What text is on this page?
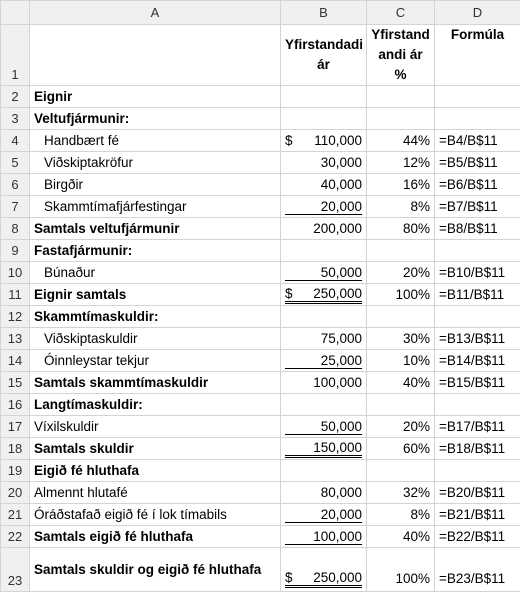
	A	B	C	D
1		Yfirstandadi ár	Yfirstand andi ár %	Formúla
2	Eignir			
3	Veltufjármunir:			
4	Handbært fé	$ 110,000	44%	=B4/B$11
5	Viðskiptakröfur	30,000	12%	=B5/B$11
6	Birgðir	40,000	16%	=B6/B$11
7	Skammtímafjárfestingar	20,000	8%	=B7/B$11
8	Samtals veltufjármunir	200,000	80%	=B8/B$11
9	Fastafjármunir:			
10	Búnaður	50,000	20%	=B10/B$11
11	Eignir samtals	$ 250,000	100%	=B11/B$11
12	Skammtímaskuldir:			
13	Viðskiptaskuldir	75,000	30%	=B13/B$11
14	Óinnleystar tekjur	25,000	10%	=B14/B$11
15	Samtals skammtímaskuldir	100,000	40%	=B15/B$11
16	Langtímaskuldir:			
17	Víxilskuldir	50,000	20%	=B17/B$11
18	Samtals skuldir	150,000	60%	=B18/B$11
19	Eigið fé hluthafa			
20	Almennt hlutafé	80,000	32%	=B20/B$11
21	Óráðstafað eigið fé í lok tímabils	20,000	8%	=B21/B$11
22	Samtals eigið fé hluthafa	100,000	40%	=B22/B$11
23	Samtals skuldir og eigið fé hluthafa	$ 250,000	100%	=B23/B$11
